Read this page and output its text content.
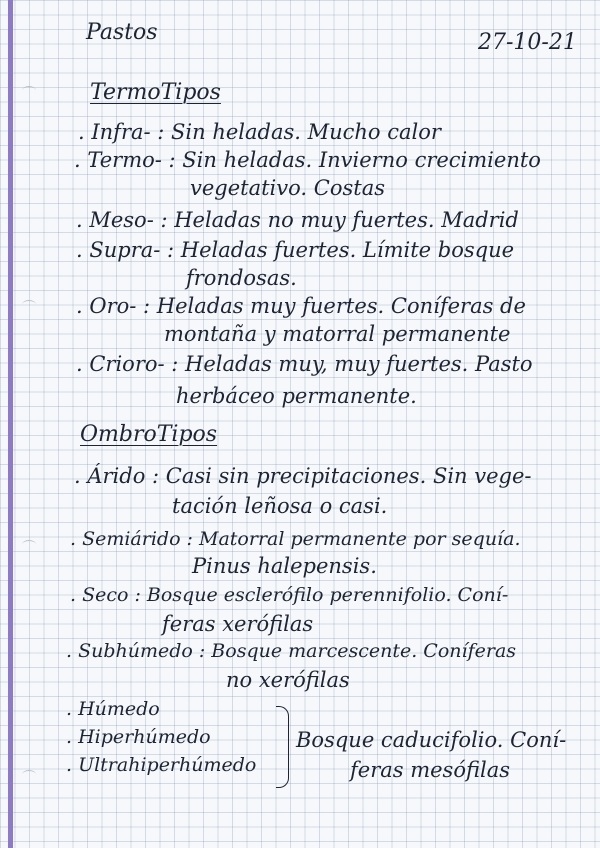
Pastos	27-10-21
TermoTipos
. Infra- : Sin heladas. Mucho calor
. Termo- : Sin heladas. Invierno crecimiento
vegetativo. Costas
. Meso- : Heladas no muy fuertes. Madrid
. Supra- : Heladas fuertes. Límite bosque
frondosas.
. Oro- : Heladas muy fuertes. Coníferas de
montaña y matorral permanente
. Crioro- : Heladas muy, muy fuertes. Pasto
herbáceo permanente.
OmbroTipos
. Árido : Casi sin precipitaciones. Sin vege-
tación leñosa o casi.
. Semiárido : Matorral permanente por sequía.
Pinus halepensis.
. Seco : Bosque esclerófilo perennifolio. Coní-
feras xerófilas
. Subhúmedo : Bosque marcescente. Coníferas
no xerófilas
. Húmedo
. Hiperhúmedo
. Ultrahiperhúmedo
Bosque caducifolio. Coní-
feras mesófilas
